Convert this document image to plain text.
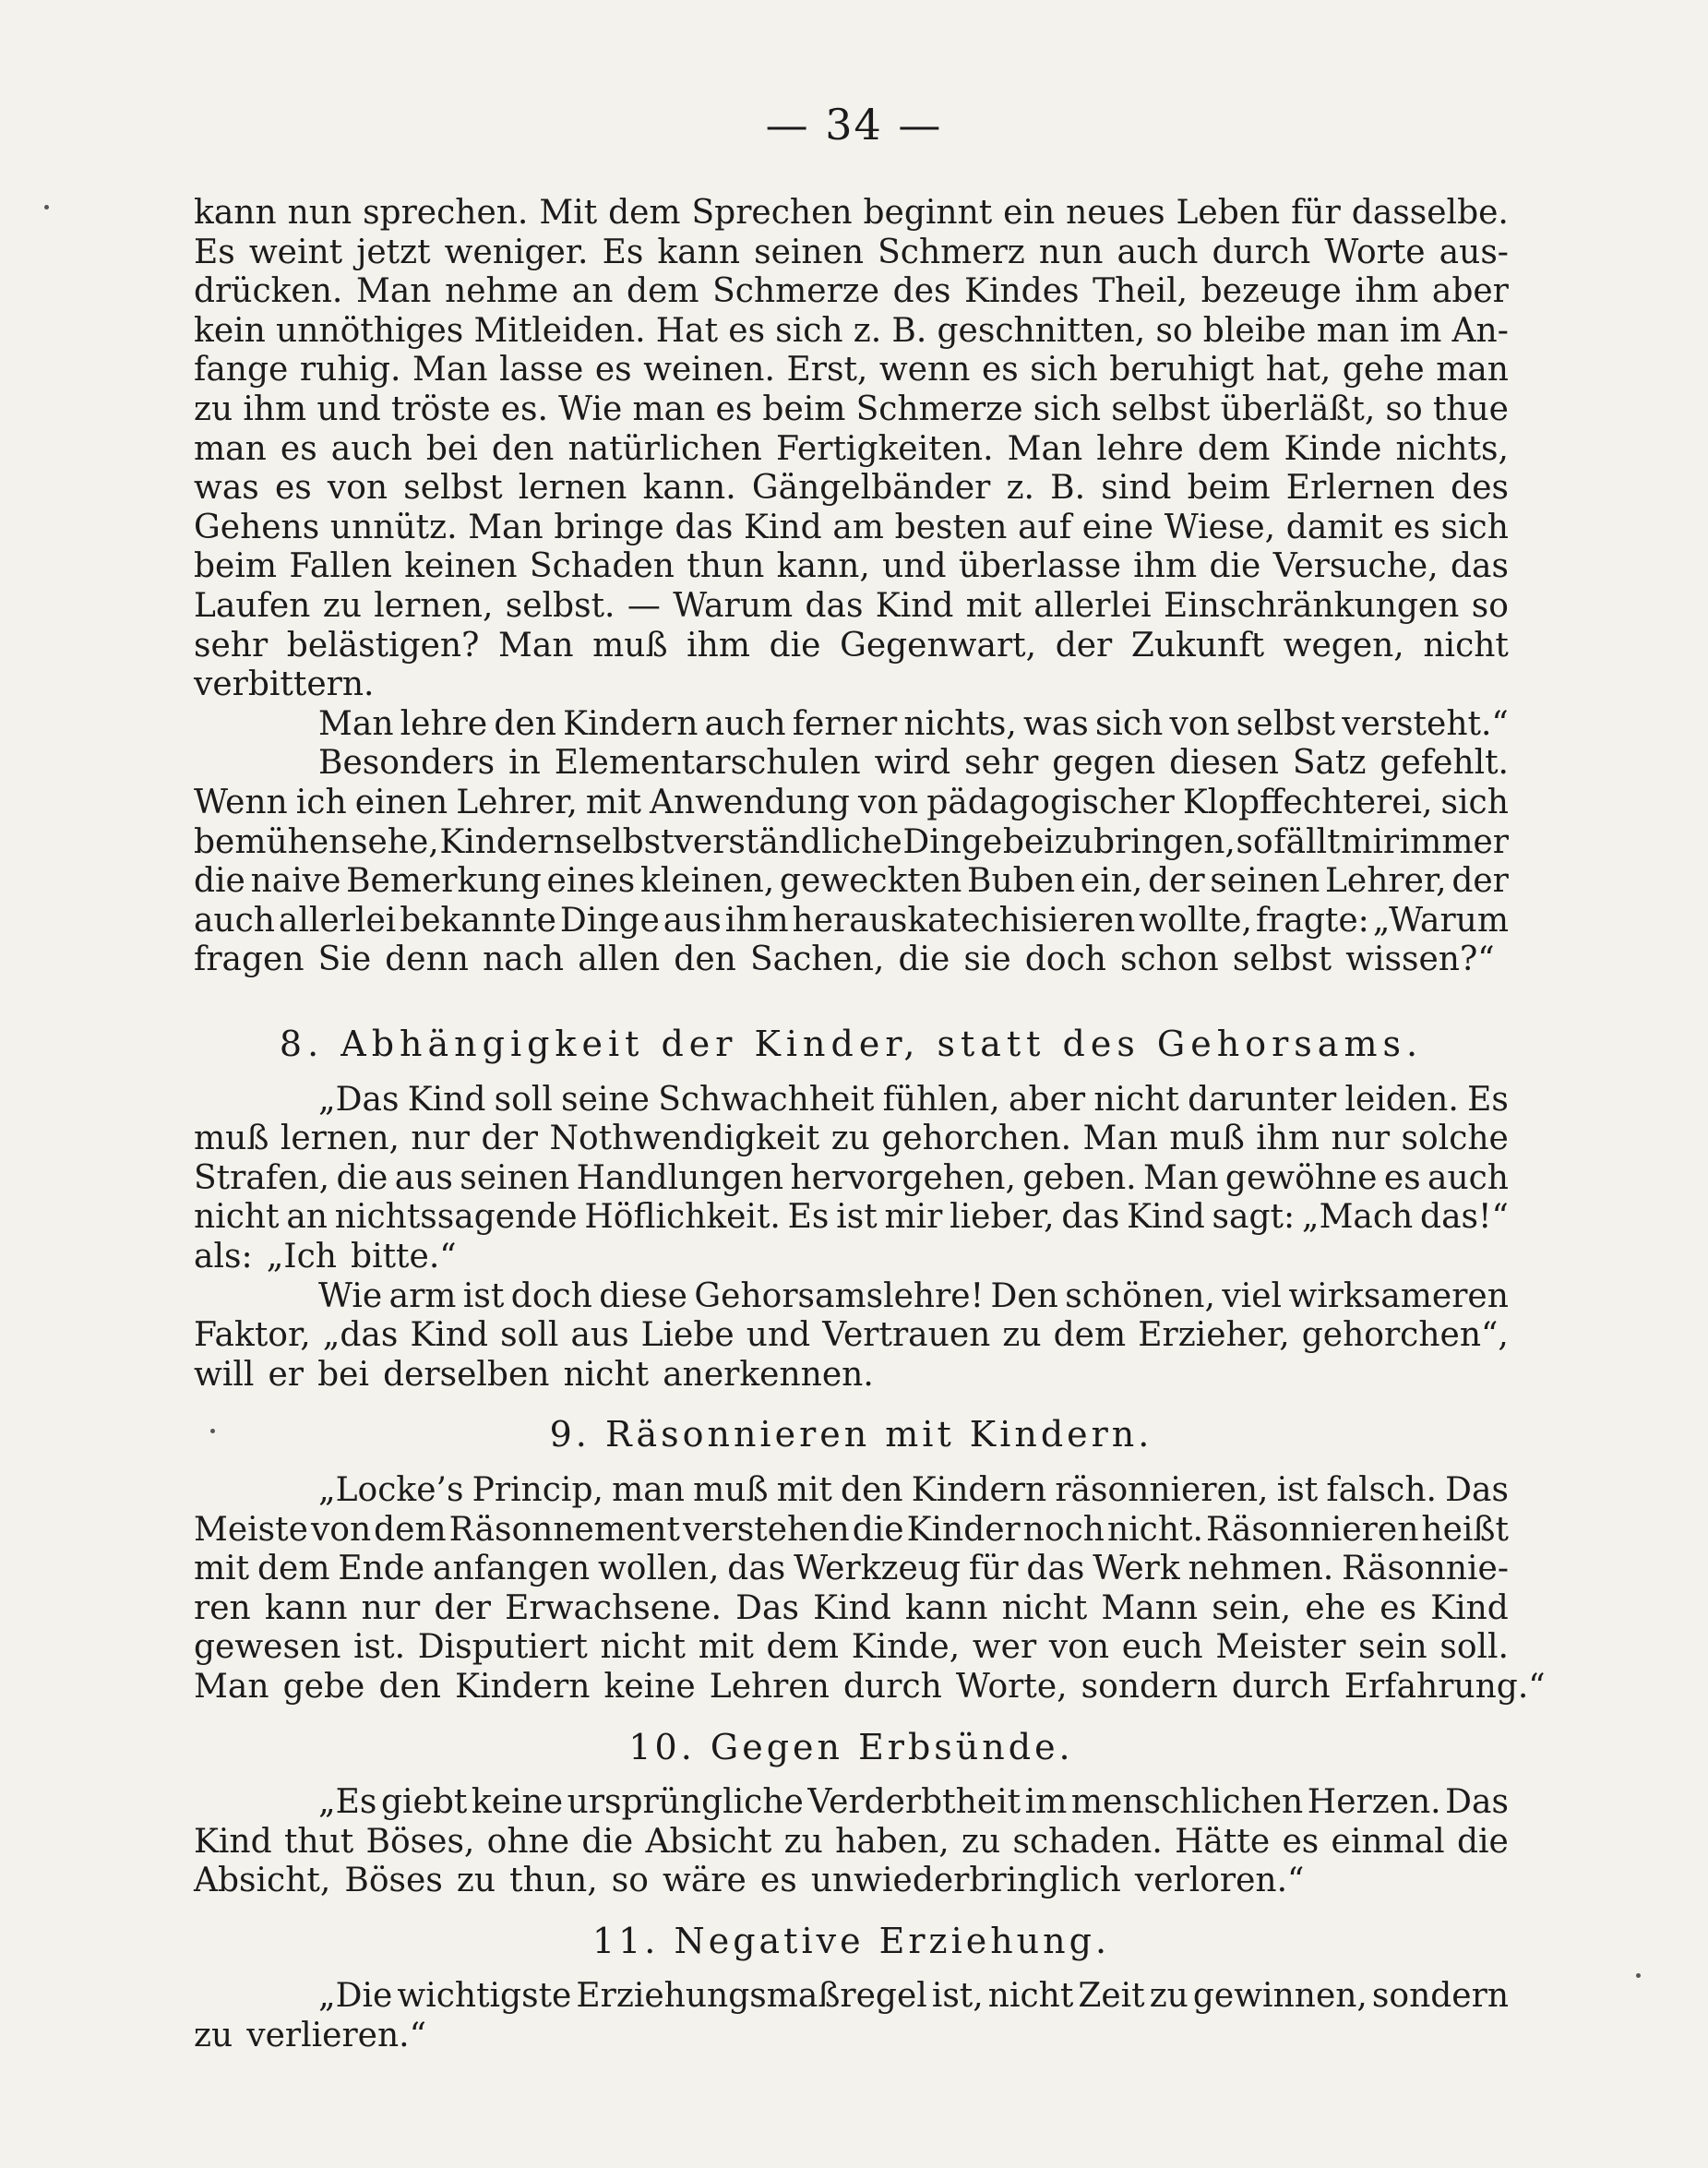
— 34 —
kann nun sprechen. Mit dem Sprechen beginnt ein neues Leben für dasselbe.
Es weint jetzt weniger. Es kann seinen Schmerz nun auch durch Worte aus-
drücken. Man nehme an dem Schmerze des Kindes Theil, bezeuge ihm aber
kein unnöthiges Mitleiden. Hat es sich z. B. geschnitten, so bleibe man im An-
fange ruhig. Man lasse es weinen. Erst, wenn es sich beruhigt hat, gehe man
zu ihm und tröste es. Wie man es beim Schmerze sich selbst überläßt, so thue
man es auch bei den natürlichen Fertigkeiten. Man lehre dem Kinde nichts,
was es von selbst lernen kann. Gängelbänder z. B. sind beim Erlernen des
Gehens unnütz. Man bringe das Kind am besten auf eine Wiese, damit es sich
beim Fallen keinen Schaden thun kann, und überlasse ihm die Versuche, das
Laufen zu lernen, selbst. — Warum das Kind mit allerlei Einschränkungen so
sehr belästigen? Man muß ihm die Gegenwart, der Zukunft wegen, nicht
verbittern.
Man lehre den Kindern auch ferner nichts, was sich von selbst versteht.“
Besonders in Elementarschulen wird sehr gegen diesen Satz gefehlt.
Wenn ich einen Lehrer, mit Anwendung von pädagogischer Klopffechterei, sich
bemühen sehe, Kindern selbstverständliche Dinge beizubringen, so fällt mir immer
die naive Bemerkung eines kleinen, geweckten Buben ein, der seinen Lehrer, der
auch allerlei bekannte Dinge aus ihm herauskatechisieren wollte, fragte: „Warum
fragen Sie denn nach allen den Sachen, die sie doch schon selbst wissen?“
8. Abhängigkeit der Kinder, statt des Gehorsams.
„Das Kind soll seine Schwachheit fühlen, aber nicht darunter leiden. Es
muß lernen, nur der Nothwendigkeit zu gehorchen. Man muß ihm nur solche
Strafen, die aus seinen Handlungen hervorgehen, geben. Man gewöhne es auch
nicht an nichtssagende Höflichkeit. Es ist mir lieber, das Kind sagt: „Mach das!“
als: „Ich bitte.“
Wie arm ist doch diese Gehorsamslehre! Den schönen, viel wirksameren
Faktor, „das Kind soll aus Liebe und Vertrauen zu dem Erzieher, gehorchen“,
will er bei derselben nicht anerkennen.
9. Räsonnieren mit Kindern.
„Locke’s Princip, man muß mit den Kindern räsonnieren, ist falsch. Das
Meiste von dem Räsonnement verstehen die Kinder noch nicht. Räsonnieren heißt
mit dem Ende anfangen wollen, das Werkzeug für das Werk nehmen. Räsonnie-
ren kann nur der Erwachsene. Das Kind kann nicht Mann sein, ehe es Kind
gewesen ist. Disputiert nicht mit dem Kinde, wer von euch Meister sein soll.
Man gebe den Kindern keine Lehren durch Worte, sondern durch Erfahrung.“
10. Gegen Erbsünde.
„Es giebt keine ursprüngliche Verderbtheit im menschlichen Herzen. Das
Kind thut Böses, ohne die Absicht zu haben, zu schaden. Hätte es einmal die
Absicht, Böses zu thun, so wäre es unwiederbringlich verloren.“
11. Negative Erziehung.
„Die wichtigste Erziehungsmaßregel ist, nicht Zeit zu gewinnen, sondern
zu verlieren.“
